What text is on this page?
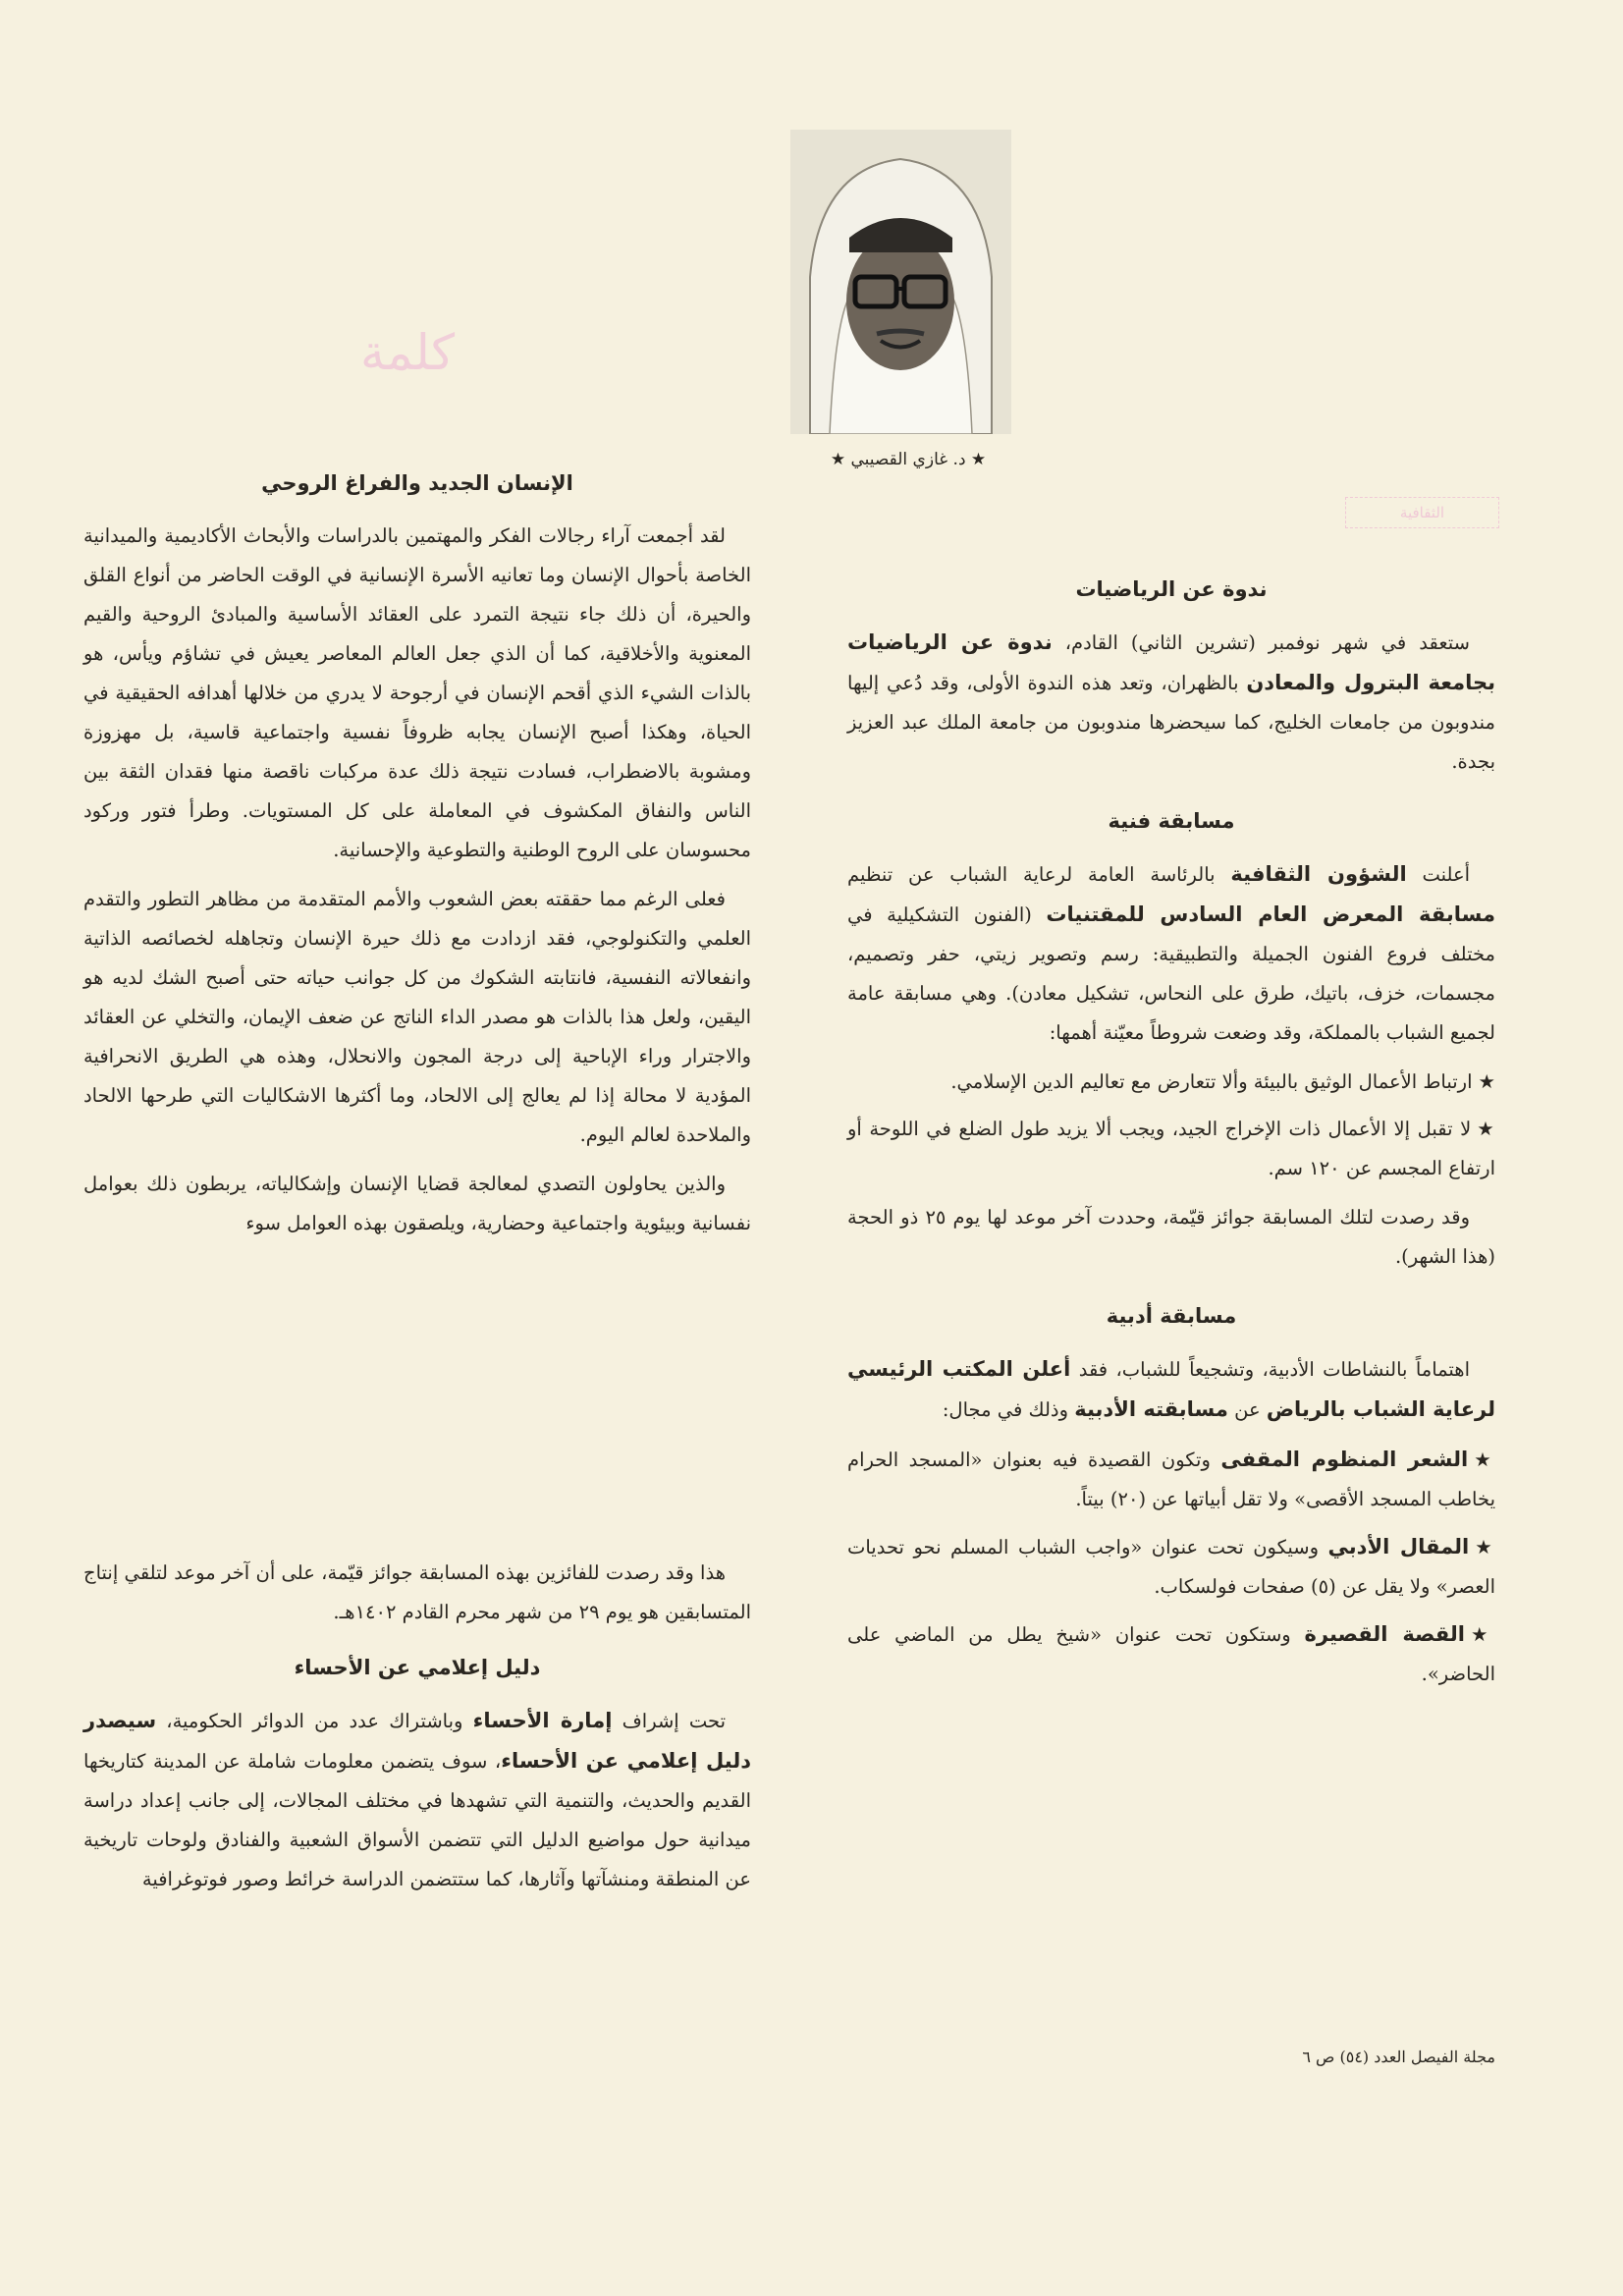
★ د. غازي القصيبي ★
كلمة
الثقافية
ندوة عن الرياضيات

ستعقد في شهر نوفمبر (تشرين الثاني) القادم، ندوة عن الرياضيات بجامعة البترول والمعادن بالظهران، وتعد هذه الندوة الأولى، وقد دُعي إليها مندوبون من جامعات الخليج، كما سيحضرها مندوبون من جامعة الملك عبد العزيز بجدة.

مسابقة فنية

أعلنت الشؤون الثقافية بالرئاسة العامة لرعاية الشباب عن تنظيم مسابقة المعرض العام السادس للمقتنيات (الفنون التشكيلية في مختلف فروع الفنون الجميلة والتطبيقية: رسم وتصوير زيتي، حفر وتصميم، مجسمات، خزف، باتيك، طرق على النحاس، تشكيل معادن). وهي مسابقة عامة لجميع الشباب بالمملكة، وقد وضعت شروطاً معيّنة أهمها:

★ارتباط الأعمال الوثيق بالبيئة وألا تتعارض مع تعاليم الدين الإسلامي.
★لا تقبل إلا الأعمال ذات الإخراج الجيد، ويجب ألا يزيد طول الضلع في اللوحة أو ارتفاع المجسم عن ١٢٠ سم.

وقد رصدت لتلك المسابقة جوائز قيّمة، وحددت آخر موعد لها يوم ٢٥ ذو الحجة (هذا الشهر).

مسابقة أدبية

اهتماماً بالنشاطات الأدبية، وتشجيعاً للشباب، فقد أعلن المكتب الرئيسي لرعاية الشباب بالرياض عن مسابقته الأدبية وذلك في مجال:

★الشعر المنظوم المقفى وتكون القصيدة فيه بعنوان «المسجد الحرام يخاطب المسجد الأقصى» ولا تقل أبياتها عن (٢٠) بيتاً.
★المقال الأدبي وسيكون تحت عنوان «واجب الشباب المسلم نحو تحديات العصر» ولا يقل عن (٥) صفحات فولسكاب.
★القصة القصيرة وستكون تحت عنوان «شيخ يطل من الماضي على الحاضر».
مجلة الفيصل العدد (٥٤) ص ٦
الإنسان الجديد والفراغ الروحي

لقد أجمعت آراء رجالات الفكر والمهتمين بالدراسات والأبحاث الأكاديمية والميدانية الخاصة بأحوال الإنسان وما تعانيه الأسرة الإنسانية في الوقت الحاضر من أنواع القلق والحيرة، أن ذلك جاء نتيجة التمرد على العقائد الأساسية والمبادئ الروحية والقيم المعنوية والأخلاقية، كما أن الذي جعل العالم المعاصر يعيش في تشاؤم ويأس، هو بالذات الشيء الذي أقحم الإنسان في أرجوحة لا يدري من خلالها أهدافه الحقيقية في الحياة، وهكذا أصبح الإنسان يجابه ظروفاً نفسية واجتماعية قاسية، بل مهزوزة ومشوبة بالاضطراب، فسادت نتيجة ذلك عدة مركبات ناقصة منها فقدان الثقة بين الناس والنفاق المكشوف في المعاملة على كل المستويات. وطرأ فتور وركود محسوسان على الروح الوطنية والتطوعية والإحسانية.

فعلى الرغم مما حققته بعض الشعوب والأمم المتقدمة من مظاهر التطور والتقدم العلمي والتكنولوجي، فقد ازدادت مع ذلك حيرة الإنسان وتجاهله لخصائصه الذاتية وانفعالاته النفسية، فانتابته الشكوك من كل جوانب حياته حتى أصبح الشك لديه هو اليقين، ولعل هذا بالذات هو مصدر الداء الناتج عن ضعف الإيمان، والتخلي عن العقائد والاجترار وراء الإباحية إلى درجة المجون والانحلال، وهذه هي الطريق الانحرافية المؤدية لا محالة إذا لم يعالج إلى الالحاد، وما أكثرها الاشكاليات التي طرحها الالحاد والملاحدة لعالم اليوم.

والذين يحاولون التصدي لمعالجة قضايا الإنسان وإشكالياته، يربطون ذلك بعوامل نفسانية وبيئوية واجتماعية وحضارية، ويلصقون بهذه العوامل سوء

هذا وقد رصدت للفائزين بهذه المسابقة جوائز قيّمة، على أن آخر موعد لتلقي إنتاج المتسابقين هو يوم ٢٩ من شهر محرم القادم ١٤٠٢هـ.

دليل إعلامي عن الأحساء

تحت إشراف إمارة الأحساء وباشتراك عدد من الدوائر الحكومية، سيصدر دليل إعلامي عن الأحساء، سوف يتضمن معلومات شاملة عن المدينة كتاريخها القديم والحديث، والتنمية التي تشهدها في مختلف المجالات، إلى جانب إعداد دراسة ميدانية حول مواضيع الدليل التي تتضمن الأسواق الشعبية والفنادق ولوحات تاريخية عن المنطقة ومنشآتها وآثارها، كما ستتضمن الدراسة خرائط وصور فوتوغرافية
